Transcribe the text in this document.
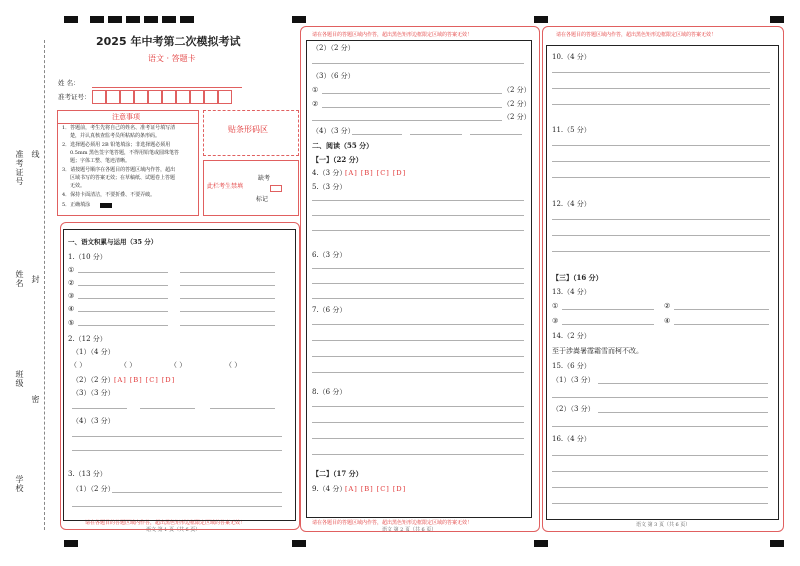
准考证号 线
姓名 封
班级
密
学校
2025 年中考第二次模拟考试
语文 · 答题卡
姓 名：
准考证号：
贴条形码区
注意事项
1．答题前，考生先将自己的姓名、准考证号填写清
楚，并认真核查监考员所粘贴的条形码。
2．选择题必须用 2B 铅笔填涂；非选择题必须用
0.5mm 黑色签字笔答题，不得用铅笔或圆珠笔答
题；字体工整、笔迹清晰。
3．请按题号顺序在各题目的答题区域内作答，超出
区域书写的答案无效；在草稿纸、试题卷上答题
无效。
4．保持卡面清洁，不要折叠、不要弄破。
5．正确填涂
此栏考生禁填
缺考
标记
请在各题目的答题区域内作答，超出黑色矩形边框限定区域的答案无效！
请在各题目的答题区域内作答，超出黑色矩形边框限定区域的答案无效！
请在各题目的答题区域内作答，超出黑色矩形边框限定区域的答案无效！
请在各题目的答题区域内作答，超出黑色矩形边框限定区域的答案无效！
语文 第 1 页（共 6 页）	语文 第 2 页（共 6 页）
语文 第 3 页（共 6 页）
一、语文积累与运用（35 分）
1.（10 分）
①
②
③
④
⑤
2.（12 分）
（1）（4 分）
（ ）	（ ）	（ ）	（ ）
（2）（2 分） [A] [B] [C] [D]
（3）（3 分）
（4）（3 分）
3.（13 分）
（1）（2 分）
（2）（2 分）
（3）（6 分）
①	（2 分）
②	（2 分）
（2 分）
（4）（3 分）
二、阅读（55 分）
【一】（22 分）
4.（3 分）
[A] [B] [C] [D]
5.（3 分）
6.（3 分）
7.（6 分）
8.（6 分）
【二】（17 分）
9.（4 分）
[A] [B] [C] [D]
10.（4 分）
11.（5 分）
12.（4 分）
【三】（16 分）
13.（4 分）
①	②
③	④
14.（2 分）
至于涉嵩暑霪霜雪而柯不改。
15.（6 分）
（1）（3 分）
（2）（3 分）
16.（4 分）
